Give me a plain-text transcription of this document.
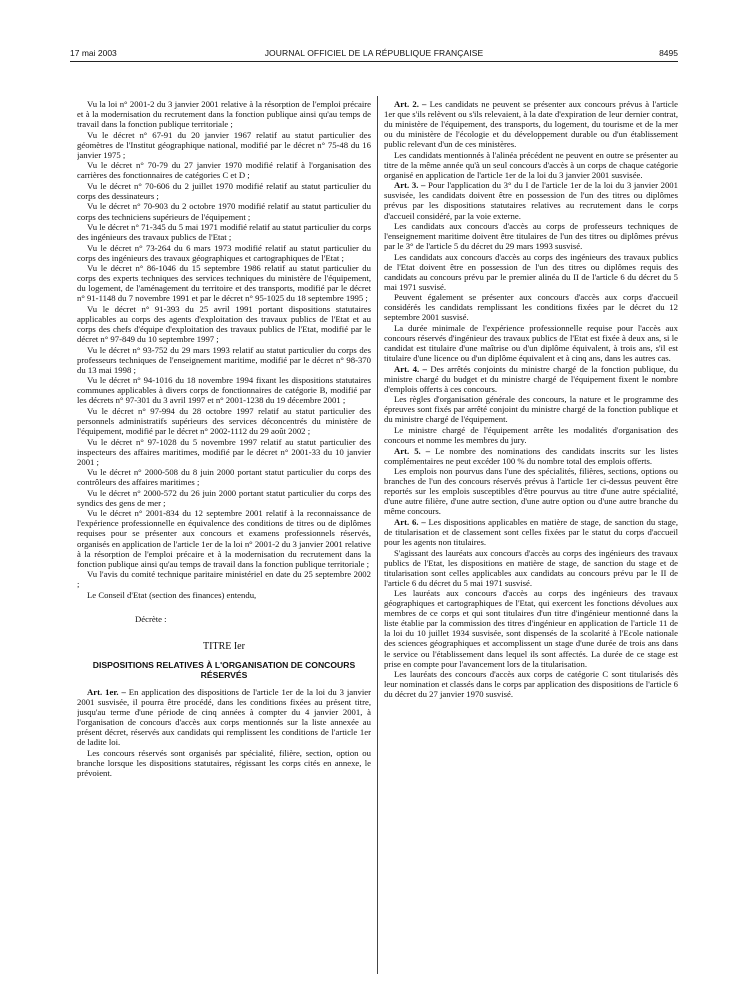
17 mai 2003	JOURNAL OFFICIEL DE LA RÉPUBLIQUE FRANÇAISE	8495

Vu la loi n° 2001-2 du 3 janvier 2001 relative à la résorption de l'emploi précaire et à la modernisation du recrutement dans la fonction publique ainsi qu'au temps de travail dans la fonction publique territoriale ;

Vu le décret n° 67-91 du 20 janvier 1967 relatif au statut particulier des géomètres de l'Institut géographique national, modifié par le décret n° 75-48 du 16 janvier 1975 ;

Vu le décret n° 70-79 du 27 janvier 1970 modifié relatif à l'organisation des carrières des fonctionnaires de catégories C et D ;

Vu le décret n° 70-606 du 2 juillet 1970 modifié relatif au statut particulier du corps des dessinateurs ;

Vu le décret n° 70-903 du 2 octobre 1970 modifié relatif au statut particulier du corps des techniciens supérieurs de l'équipement ;

Vu le décret n° 71-345 du 5 mai 1971 modifié relatif au statut particulier du corps des ingénieurs des travaux publics de l'Etat ;

Vu le décret n° 73-264 du 6 mars 1973 modifié relatif au statut particulier du corps des ingénieurs des travaux géographiques et cartographiques de l'Etat ;

Vu le décret n° 86-1046 du 15 septembre 1986 relatif au statut particulier du corps des experts techniques des services techniques du ministère de l'équipement, du logement, de l'aménagement du territoire et des transports, modifié par le décret n° 91-1148 du 7 novembre 1991 et par le décret n° 95-1025 du 18 septembre 1995 ;

Vu le décret n° 91-393 du 25 avril 1991 portant dispositions statutaires applicables au corps des agents d'exploitation des travaux publics de l'Etat et au corps des chefs d'équipe d'exploitation des travaux publics de l'Etat, modifié par le décret n° 97-849 du 10 septembre 1997 ;

Vu le décret n° 93-752 du 29 mars 1993 relatif au statut particulier du corps des professeurs techniques de l'enseignement maritime, modifié par le décret n° 98-370 du 13 mai 1998 ;

Vu le décret n° 94-1016 du 18 novembre 1994 fixant les dispositions statutaires communes applicables à divers corps de fonctionnaires de catégorie B, modifié par les décrets n° 97-301 du 3 avril 1997 et n° 2001-1238 du 19 décembre 2001 ;

Vu le décret n° 97-994 du 28 octobre 1997 relatif au statut particulier des personnels administratifs supérieurs des services déconcentrés du ministère de l'équipement, modifié par le décret n° 2002-1112 du 29 août 2002 ;

Vu le décret n° 97-1028 du 5 novembre 1997 relatif au statut particulier des inspecteurs des affaires maritimes, modifié par le décret n° 2001-33 du 10 janvier 2001 ;

Vu le décret n° 2000-508 du 8 juin 2000 portant statut particulier du corps des contrôleurs des affaires maritimes ;

Vu le décret n° 2000-572 du 26 juin 2000 portant statut particulier du corps des syndics des gens de mer ;

Vu le décret n° 2001-834 du 12 septembre 2001 relatif à la reconnaissance de l'expérience professionnelle en équivalence des conditions de titres ou de diplômes requises pour se présenter aux concours et examens professionnels réservés, organisés en application de l'article 1er de la loi n° 2001-2 du 3 janvier 2001 relative à la résorption de l'emploi précaire et à la modernisation du recrutement dans la fonction publique ainsi qu'au temps de travail dans la fonction publique territoriale ;

Vu l'avis du comité technique paritaire ministériel en date du 25 septembre 2002 ;

Le Conseil d'Etat (section des finances) entendu,

Décrète :

TITRE Ier

DISPOSITIONS RELATIVES À L'ORGANISATION DE CONCOURS RÉSERVÉS

Art. 1er. – En application des dispositions de l'article 1er de la loi du 3 janvier 2001 susvisée, il pourra être procédé, dans les conditions fixées au présent titre, jusqu'au terme d'une période de cinq années à compter du 4 janvier 2001, à l'organisation de concours d'accès aux corps mentionnés sur la liste annexée au présent décret, réservés aux candidats qui remplissent les conditions de l'article 1er de ladite loi.

Les concours réservés sont organisés par spécialité, filière, section, option ou branche lorsque les dispositions statutaires, régissant les corps cités en annexe, le prévoient.

Art. 2. – Les candidats ne peuvent se présenter aux concours prévus à l'article 1er que s'ils relèvent ou s'ils relevaient, à la date d'expiration de leur dernier contrat, du ministère de l'équipement, des transports, du logement, du tourisme et de la mer ou du ministère de l'écologie et du développement durable ou d'un établissement public relevant d'un de ces ministères.

Les candidats mentionnés à l'alinéa précédent ne peuvent en outre se présenter au titre de la même année qu'à un seul concours d'accès à un corps de chaque catégorie organisé en application de l'article 1er de la loi du 3 janvier 2001 susvisée.

Art. 3. – Pour l'application du 3° du I de l'article 1er de la loi du 3 janvier 2001 susvisée, les candidats doivent être en possession de l'un des titres ou diplômes prévus par les dispositions statutaires relatives au recrutement dans le corps d'accueil considéré, par la voie externe.

Les candidats aux concours d'accès au corps de professeurs techniques de l'enseignement maritime doivent être titulaires de l'un des titres ou diplômes prévus par le 3° de l'article 5 du décret du 29 mars 1993 susvisé.

Les candidats aux concours d'accès au corps des ingénieurs des travaux publics de l'Etat doivent être en possession de l'un des titres ou diplômes requis des candidats au concours prévu par le premier alinéa du II de l'article 6 du décret du 5 mai 1971 susvisé.

Peuvent également se présenter aux concours d'accès aux corps d'accueil considérés les candidats remplissant les conditions fixées par le décret du 12 septembre 2001 susvisé.

La durée minimale de l'expérience professionnelle requise pour l'accès aux concours réservés d'ingénieur des travaux publics de l'Etat est fixée à deux ans, si le candidat est titulaire d'une maîtrise ou d'un diplôme équivalent, à trois ans, s'il est titulaire d'une licence ou d'un diplôme équivalent et à cinq ans, dans les autres cas.

Art. 4. – Des arrêtés conjoints du ministre chargé de la fonction publique, du ministre chargé du budget et du ministre chargé de l'équipement fixent le nombre d'emplois offerts à ces concours.

Les règles d'organisation générale des concours, la nature et le programme des épreuves sont fixés par arrêté conjoint du ministre chargé de la fonction publique et du ministre chargé de l'équipement.

Le ministre chargé de l'équipement arrête les modalités d'organisation des concours et nomme les membres du jury.

Art. 5. – Le nombre des nominations des candidats inscrits sur les listes complémentaires ne peut excéder 100 % du nombre total des emplois offerts.

Les emplois non pourvus dans l'une des spécialités, filières, sections, options ou branches de l'un des concours réservés prévus à l'article 1er ci-dessus peuvent être reportés sur les emplois susceptibles d'être pourvus au titre d'une autre spécialité, d'une autre filière, d'une autre section, d'une autre option ou d'une autre branche du même concours.

Art. 6. – Les dispositions applicables en matière de stage, de sanction du stage, de titularisation et de classement sont celles fixées par le statut du corps d'accueil pour les agents non titulaires.

S'agissant des lauréats aux concours d'accès au corps des ingénieurs des travaux publics de l'Etat, les dispositions en matière de stage, de sanction du stage et de titularisation sont celles applicables aux candidats au concours prévu par le II de l'article 6 du décret du 5 mai 1971 susvisé.

Les lauréats aux concours d'accès au corps des ingénieurs des travaux géographiques et cartographiques de l'Etat, qui exercent les fonctions dévolues aux membres de ce corps et qui sont titulaires d'un titre d'ingénieur mentionné dans la liste établie par la commission des titres d'ingénieur en application de l'article 11 de la loi du 10 juillet 1934 susvisée, sont dispensés de la scolarité à l'Ecole nationale des sciences géographiques et accomplissent un stage d'une durée de trois ans dans le service ou l'établissement dans lequel ils sont affectés. La durée de ce stage est prise en compte pour l'avancement lors de la titularisation.

Les lauréats des concours d'accès aux corps de catégorie C sont titularisés dès leur nomination et classés dans le corps par application des dispositions de l'article 6 du décret du 27 janvier 1970 susvisé.
